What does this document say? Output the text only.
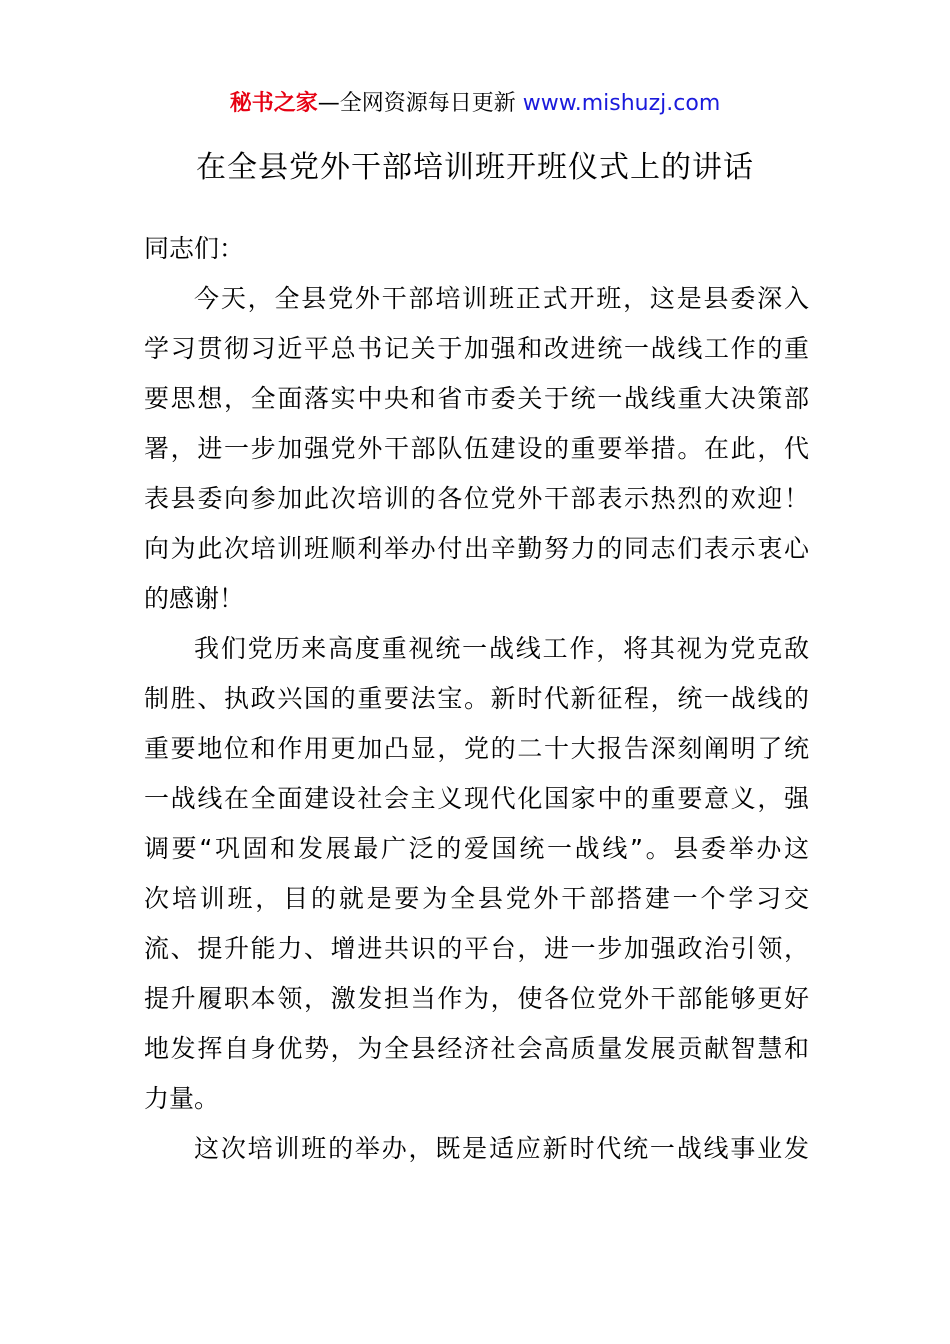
秘书之家—全网资源每日更新 www.mishuzj.com
在全县党外干部培训班开班仪式上的讲话
同志们：
今天，全县党外干部培训班正式开班，这是县委深入
学习贯彻习近平总书记关于加强和改进统一战线工作的重
要思想，全面落实中央和省市委关于统一战线重大决策部
署，进一步加强党外干部队伍建设的重要举措。在此，代
表县委向参加此次培训的各位党外干部表示热烈的欢迎！
向为此次培训班顺利举办付出辛勤努力的同志们表示衷心
的感谢！
我们党历来高度重视统一战线工作，将其视为党克敌
制胜、执政兴国的重要法宝。新时代新征程，统一战线的
重要地位和作用更加凸显，党的二十大报告深刻阐明了统
一战线在全面建设社会主义现代化国家中的重要意义，强
调要“巩固和发展最广泛的爱国统一战线”。县委举办这
次培训班，目的就是要为全县党外干部搭建一个学习交
流、提升能力、增进共识的平台，进一步加强政治引领，
提升履职本领，激发担当作为，使各位党外干部能够更好
地发挥自身优势，为全县经济社会高质量发展贡献智慧和
力量。
这次培训班的举办，既是适应新时代统一战线事业发
